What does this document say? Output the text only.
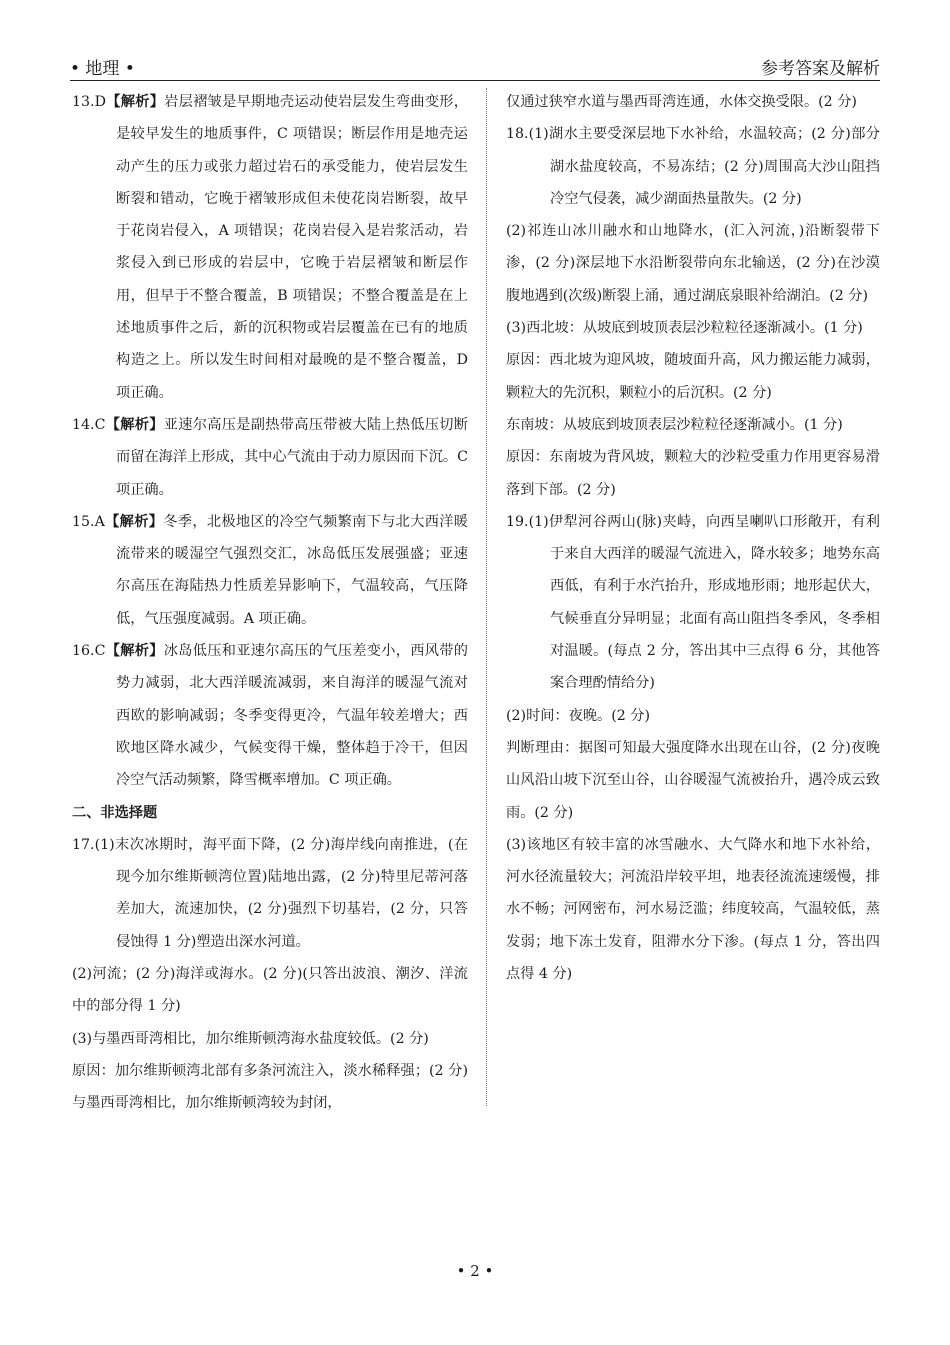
• 地理 •	参考答案及解析
13.D【解析】岩层褶皱是早期地壳运动使岩层发生弯曲变形，是较早发生的地质事件，C 项错误；断层作用是地壳运动产生的压力或张力超过岩石的承受能力，使岩层发生断裂和错动，它晚于褶皱形成但未使花岗岩断裂，故早于花岗岩侵入，A 项错误；花岗岩侵入是岩浆活动，岩浆侵入到已形成的岩层中，它晚于岩层褶皱和断层作用，但早于不整合覆盖，B 项错误；不整合覆盖是在上述地质事件之后，新的沉积物或岩层覆盖在已有的地质构造之上。所以发生时间相对最晚的是不整合覆盖，D 项正确。
14.C【解析】亚速尔高压是副热带高压带被大陆上热低压切断而留在海洋上形成，其中心气流由于动力原因而下沉。C 项正确。
15.A【解析】冬季，北极地区的冷空气频繁南下与北大西洋暖流带来的暖湿空气强烈交汇，冰岛低压发展强盛；亚速尔高压在海陆热力性质差异影响下，气温较高，气压降低，气压强度减弱。A 项正确。
16.C【解析】冰岛低压和亚速尔高压的气压差变小，西风带的势力减弱，北大西洋暖流减弱，来自海洋的暖湿气流对西欧的影响减弱；冬季变得更冷，气温年较差增大；西欧地区降水减少，气候变得干燥，整体趋于冷干，但因冷空气活动频繁，降雪概率增加。C 项正确。
二、非选择题
17.(1)末次冰期时，海平面下降，(2 分)海岸线向南推进，(在现今加尔维斯顿湾位置)陆地出露，(2 分)特里尼蒂河落差加大，流速加快，(2 分)强烈下切基岩，(2 分，只答侵蚀得 1 分)塑造出深水河道。
(2)河流；(2 分)海洋或海水。(2 分)(只答出波浪、潮汐、洋流中的部分得 1 分)
(3)与墨西哥湾相比，加尔维斯顿湾海水盐度较低。(2 分)
原因：加尔维斯顿湾北部有多条河流注入，淡水稀释强；(2 分)与墨西哥湾相比，加尔维斯顿湾较为封闭，
仅通过狭窄水道与墨西哥湾连通，水体交换受限。(2 分)
18.(1)湖水主要受深层地下水补给，水温较高；(2 分)部分湖水盐度较高，不易冻结；(2 分)周围高大沙山阻挡冷空气侵袭，减少湖面热量散失。(2 分)
(2)祁连山冰川融水和山地降水，(汇入河流，)沿断裂带下渗，(2 分)深层地下水沿断裂带向东北输送，(2 分)在沙漠腹地遇到(次级)断裂上涌，通过湖底泉眼补给湖泊。(2 分)
(3)西北坡：从坡底到坡顶表层沙粒粒径逐渐减小。(1 分)
原因：西北坡为迎风坡，随坡面升高，风力搬运能力减弱，颗粒大的先沉积，颗粒小的后沉积。(2 分)
东南坡：从坡底到坡顶表层沙粒粒径逐渐减小。(1 分)
原因：东南坡为背风坡，颗粒大的沙粒受重力作用更容易滑落到下部。(2 分)
19.(1)伊犁河谷两山(脉)夹峙，向西呈喇叭口形敞开，有利于来自大西洋的暖湿气流进入，降水较多；地势东高西低，有利于水汽抬升，形成地形雨；地形起伏大，气候垂直分异明显；北面有高山阻挡冬季风，冬季相对温暖。(每点 2 分，答出其中三点得 6 分，其他答案合理酌情给分)
(2)时间：夜晚。(2 分)
判断理由：据图可知最大强度降水出现在山谷，(2 分)夜晚山风沿山坡下沉至山谷，山谷暖湿气流被抬升，遇冷成云致雨。(2 分)
(3)该地区有较丰富的冰雪融水、大气降水和地下水补给，河水径流量较大；河流沿岸较平坦，地表径流流速缓慢，排水不畅；河网密布，河水易泛滥；纬度较高，气温较低，蒸发弱；地下冻土发育，阻滞水分下渗。(每点 1 分，答出四点得 4 分)
• 2 •
